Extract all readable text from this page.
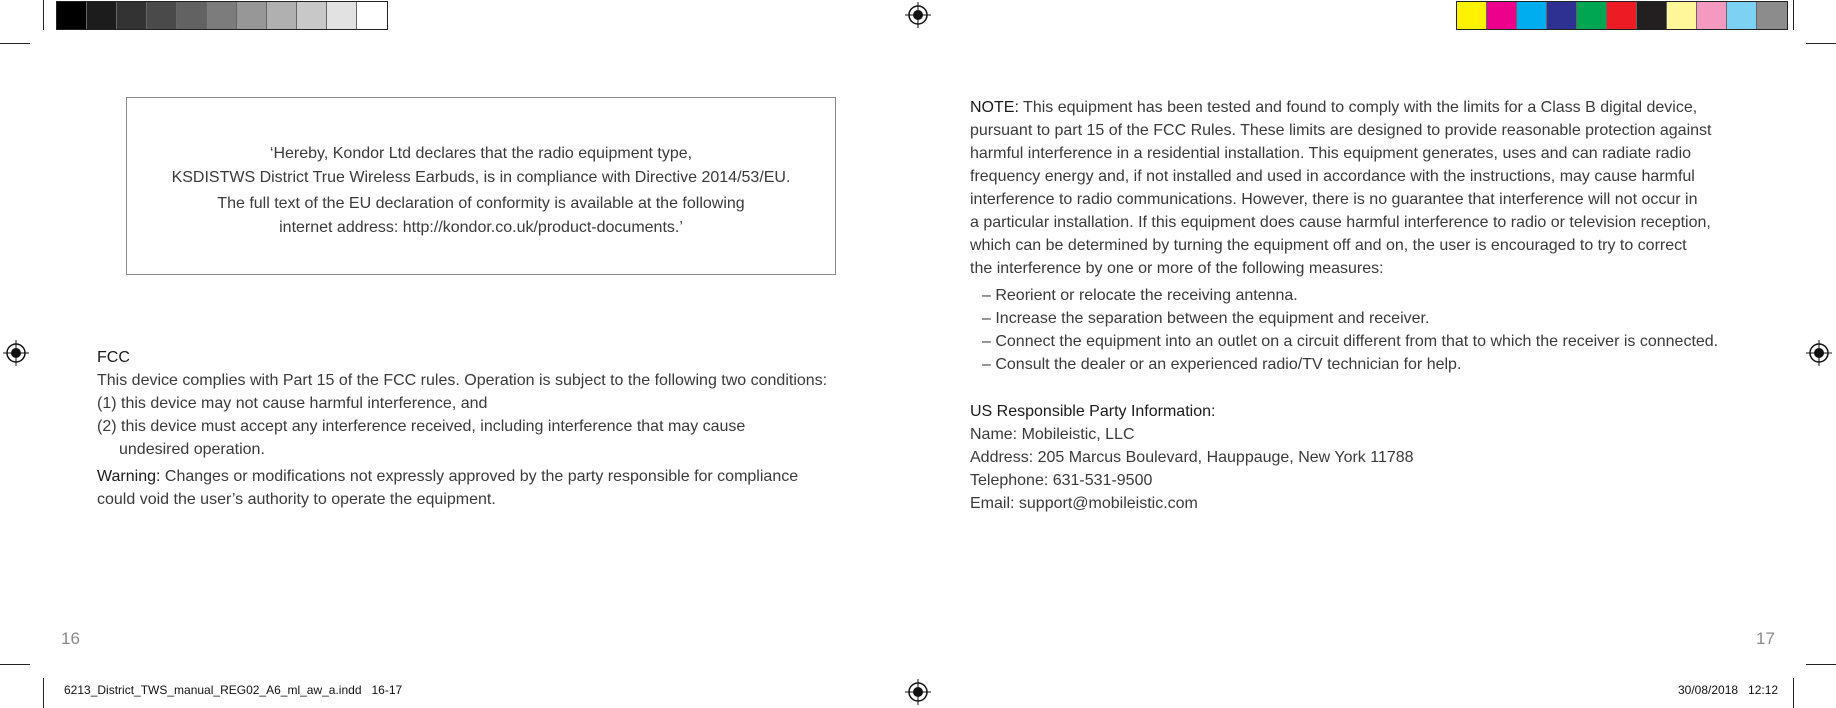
‘Hereby, Kondor Ltd declares that the radio equipment type,

KSDISTWS District True Wireless Earbuds, is in compliance with Directive 2014/53/EU.

The full text of the EU declaration of conformity is available at the following

internet address: http://kondor.co.uk/product-documents.’

FCC

This device complies with Part 15 of the FCC rules. Operation is subject to the following two conditions:

(1) this device may not cause harmful interference, and

(2) this device must accept any interference received, including interference that may cause

undesired operation.

Warning: Changes or modifications not expressly approved by the party responsible for compliance

could void the user’s authority to operate the equipment.

NOTE: This equipment has been tested and found to comply with the limits for a Class B digital device,

pursuant to part 15 of the FCC Rules. These limits are designed to provide reasonable protection against

harmful interference in a residential installation. This equipment generates, uses and can radiate radio

frequency energy and, if not installed and used in accordance with the instructions, may cause harmful

interference to radio communications. However, there is no guarantee that interference will not occur in

a particular installation. If this equipment does cause harmful interference to radio or television reception,

which can be determined by turning the equipment off and on, the user is encouraged to try to correct

the interference by one or more of the following measures:

– Reorient or relocate the receiving antenna.
– Increase the separation between the equipment and receiver.
– Connect the equipment into an outlet on a circuit different from that to which the receiver is connected.
– Consult the dealer or an experienced radio/TV technician for help.

US Responsible Party Information:

Name: Mobileistic, LLC

Address: 205 Marcus Boulevard, Hauppauge, New York 11788

Telephone: 631-531-9500

Email: support@mobileistic.com

16	17
6213_District_TWS_manual_REG02_A6_ml_aw_a.indd   16-17	30/08/2018   12:12
